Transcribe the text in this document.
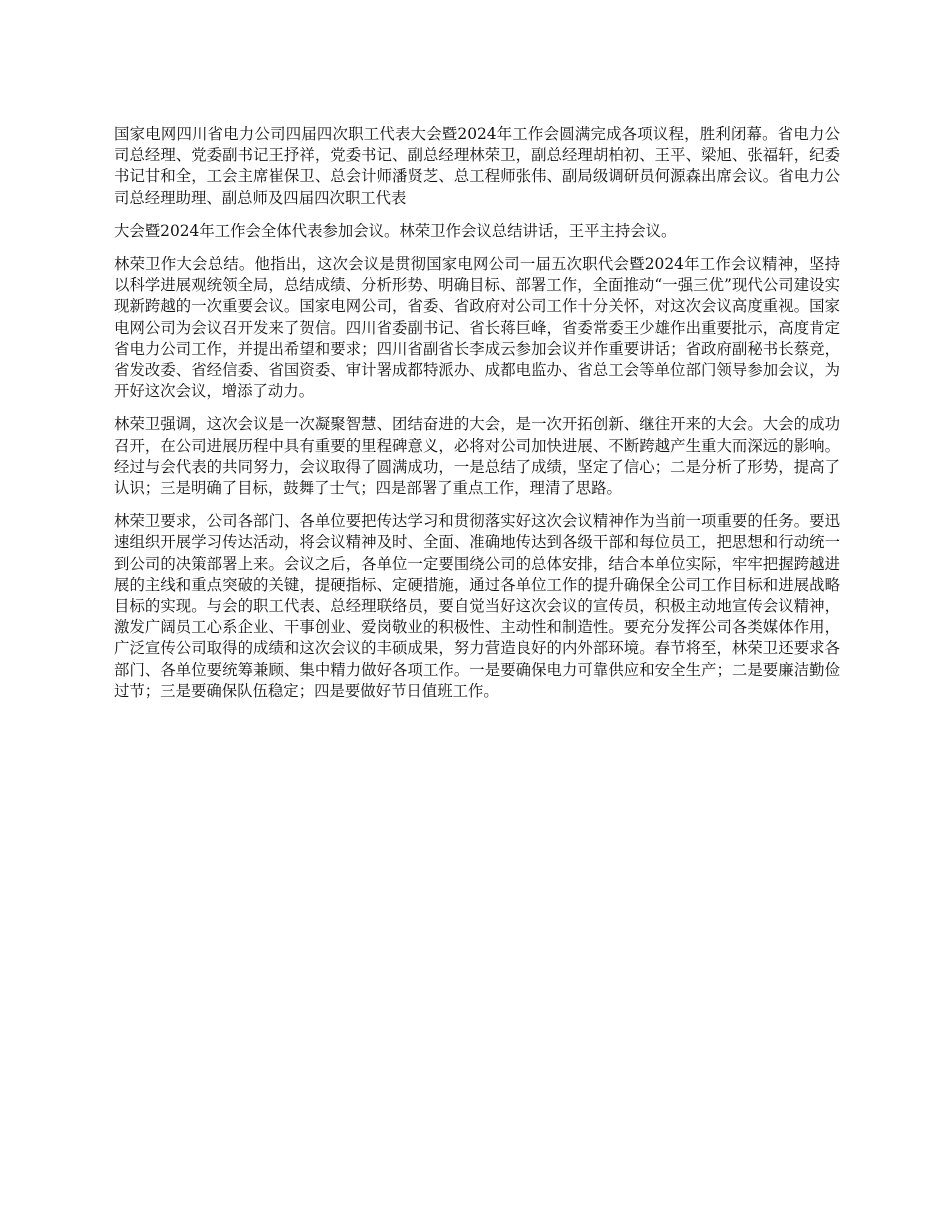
国家电网四川省电力公司四届四次职工代表大会暨2024年工作会圆满完成各项议程，胜利闭幕。省电力公司总经理、党委副书记王抒祥，党委书记、副总经理林荣卫，副总经理胡柏初、王平、梁旭、张福轩，纪委书记甘和全，工会主席崔保卫、总会计师潘贤芝、总工程师张伟、副局级调研员何源森出席会议。省电力公司总经理助理、副总师及四届四次职工代表

大会暨2024年工作会全体代表参加会议。林荣卫作会议总结讲话，王平主持会议。

林荣卫作大会总结。他指出，这次会议是贯彻国家电网公司一届五次职代会暨2024年工作会议精神，坚持以科学进展观统领全局，总结成绩、分析形势、明确目标、部署工作，全面推动“一强三优”现代公司建设实现新跨越的一次重要会议。国家电网公司，省委、省政府对公司工作十分关怀，对这次会议高度重视。国家电网公司为会议召开发来了贺信。四川省委副书记、省长蒋巨峰，省委常委王少雄作出重要批示，高度肯定省电力公司工作，并提出希望和要求；四川省副省长李成云参加会议并作重要讲话；省政府副秘书长蔡竞，省发改委、省经信委、省国资委、审计署成都特派办、成都电监办、省总工会等单位部门领导参加会议，为开好这次会议，增添了动力。

林荣卫强调，这次会议是一次凝聚智慧、团结奋进的大会，是一次开拓创新、继往开来的大会。大会的成功召开，在公司进展历程中具有重要的里程碑意义，必将对公司加快进展、不断跨越产生重大而深远的影响。经过与会代表的共同努力，会议取得了圆满成功，一是总结了成绩，坚定了信心；二是分析了形势，提高了认识；三是明确了目标，鼓舞了士气；四是部署了重点工作，理清了思路。

林荣卫要求，公司各部门、各单位要把传达学习和贯彻落实好这次会议精神作为当前一项重要的任务。要迅速组织开展学习传达活动，将会议精神及时、全面、准确地传达到各级干部和每位员工，把思想和行动统一到公司的决策部署上来。会议之后，各单位一定要围绕公司的总体安排，结合本单位实际，牢牢把握跨越进展的主线和重点突破的关键，提硬指标、定硬措施，通过各单位工作的提升确保全公司工作目标和进展战略目标的实现。与会的职工代表、总经理联络员，要自觉当好这次会议的宣传员，积极主动地宣传会议精神，激发广阔员工心系企业、干事创业、爱岗敬业的积极性、主动性和制造性。要充分发挥公司各类媒体作用，广泛宣传公司取得的成绩和这次会议的丰硕成果，努力营造良好的内外部环境。春节将至，林荣卫还要求各部门、各单位要统筹兼顾、集中精力做好各项工作。一是要确保电力可靠供应和安全生产；二是要廉洁勤俭过节；三是要确保队伍稳定；四是要做好节日值班工作。
